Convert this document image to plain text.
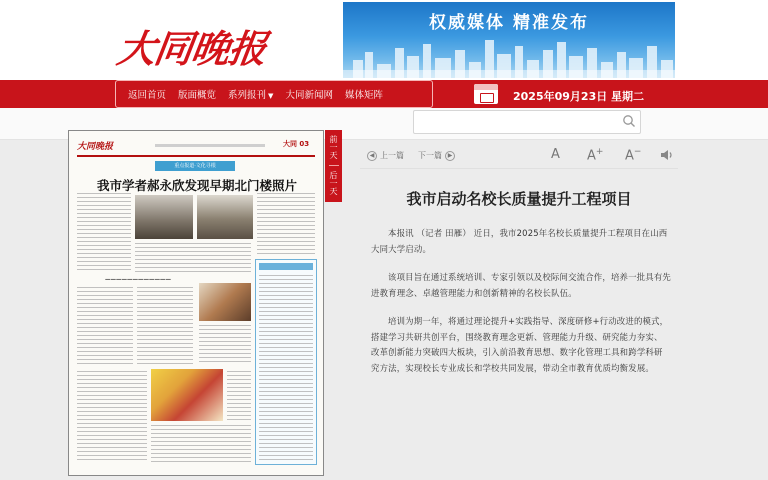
大同晚报
权威媒体 精准发布
返回首页	版面概览	系列报刊 ▼	大同新闻网	媒体矩阵	2025年09月23日 星期二
大同晚报	大同 03
重点报道·文化寻根
我市学者郝永欣发现早期北门楼照片
————————————
前
一
天
后
一
天
◀ 上一篇 下一篇 ▶	A A+ A−
我市启动名校长质量提升工程项目

本报讯 （记者 田雁） 近日，我市2025年名校长质量提升工程项目在山西大同大学启动。

该项目旨在通过系统培训、专家引领以及校际间交流合作，培养一批具有先进教育理念、卓越管理能力和创新精神的名校长队伍。

培训为期一年，将通过理论提升+实践指导、深度研修+行动改进的模式，搭建学习共研共创平台，围绕教育理念更新、管理能力升级、研究能力夯实、改革创新能力突破四大板块，引入前沿教育思想、数字化管理工具和跨学科研究方法，实现校长专业成长和学校共同发展，带动全市教育优质均衡发展。
